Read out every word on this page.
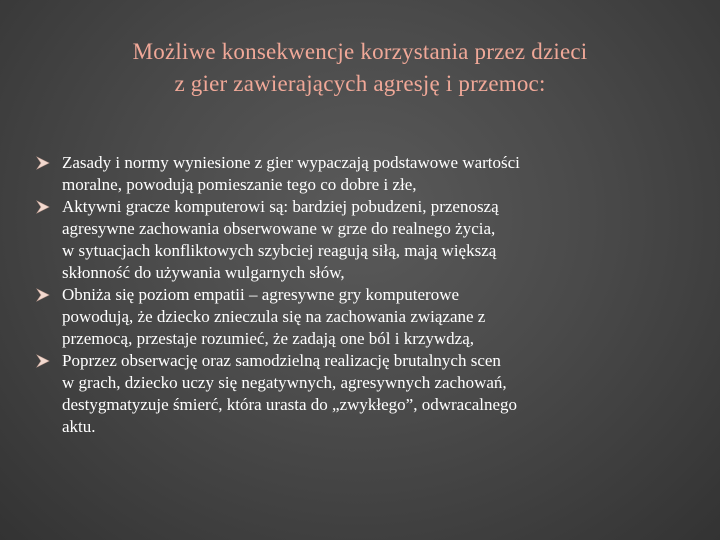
Możliwe konsekwencje korzystania przez dzieci
z gier zawierających agresję i przemoc:
Zasady i normy wyniesione z gier wypaczają podstawowe wartości
moralne, powodują pomieszanie tego co dobre i złe,
Aktywni gracze komputerowi są: bardziej pobudzeni, przenoszą
agresywne zachowania obserwowane w grze do realnego życia,
w sytuacjach konfliktowych szybciej reagują siłą, mają większą
skłonność do używania wulgarnych słów,
Obniża się poziom empatii – agresywne gry komputerowe
powodują, że dziecko znieczula się na zachowania związane z
przemocą, przestaje rozumieć, że zadają one ból i krzywdzą,
Poprzez obserwację oraz samodzielną realizację brutalnych scen
w grach, dziecko uczy się negatywnych, agresywnych zachowań,
destygmatyzuje śmierć, która urasta do „zwykłego”, odwracalnego
aktu.
